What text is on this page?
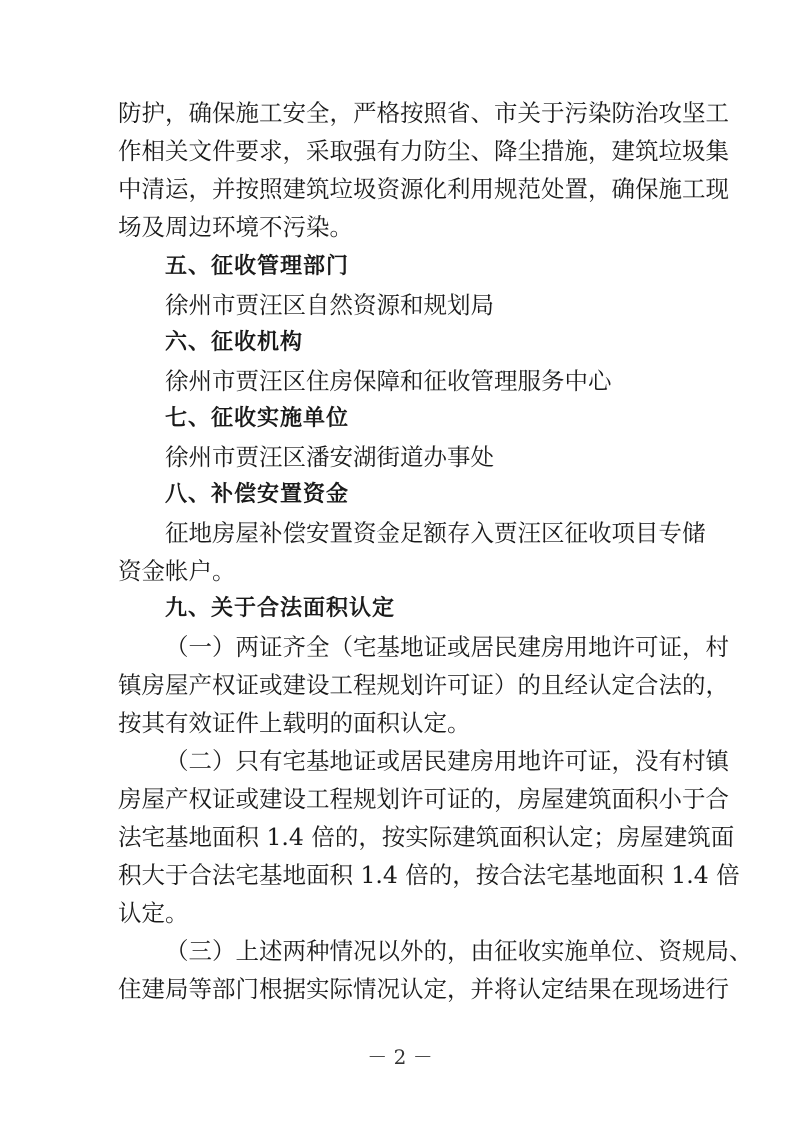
防护，确保施工安全，严格按照省、市关于污染防治攻坚工
作相关文件要求，采取强有力防尘、降尘措施，建筑垃圾集
中清运，并按照建筑垃圾资源化利用规范处置，确保施工现
场及周边环境不污染。
五、征收管理部门
徐州市贾汪区自然资源和规划局
六、征收机构
徐州市贾汪区住房保障和征收管理服务中心
七、征收实施单位
徐州市贾汪区潘安湖街道办事处
八、补偿安置资金
征地房屋补偿安置资金足额存入贾汪区征收项目专储
资金帐户。
九、关于合法面积认定
（一）两证齐全（宅基地证或居民建房用地许可证，村
镇房屋产权证或建设工程规划许可证）的且经认定合法的，
按其有效证件上载明的面积认定。
（二）只有宅基地证或居民建房用地许可证，没有村镇
房屋产权证或建设工程规划许可证的，房屋建筑面积小于合
法宅基地面积 1.4 倍的，按实际建筑面积认定；房屋建筑面
积大于合法宅基地面积 1.4 倍的，按合法宅基地面积 1.4 倍
认定。
（三）上述两种情况以外的，由征收实施单位、资规局、
住建局等部门根据实际情况认定，并将认定结果在现场进行
－ 2 －
